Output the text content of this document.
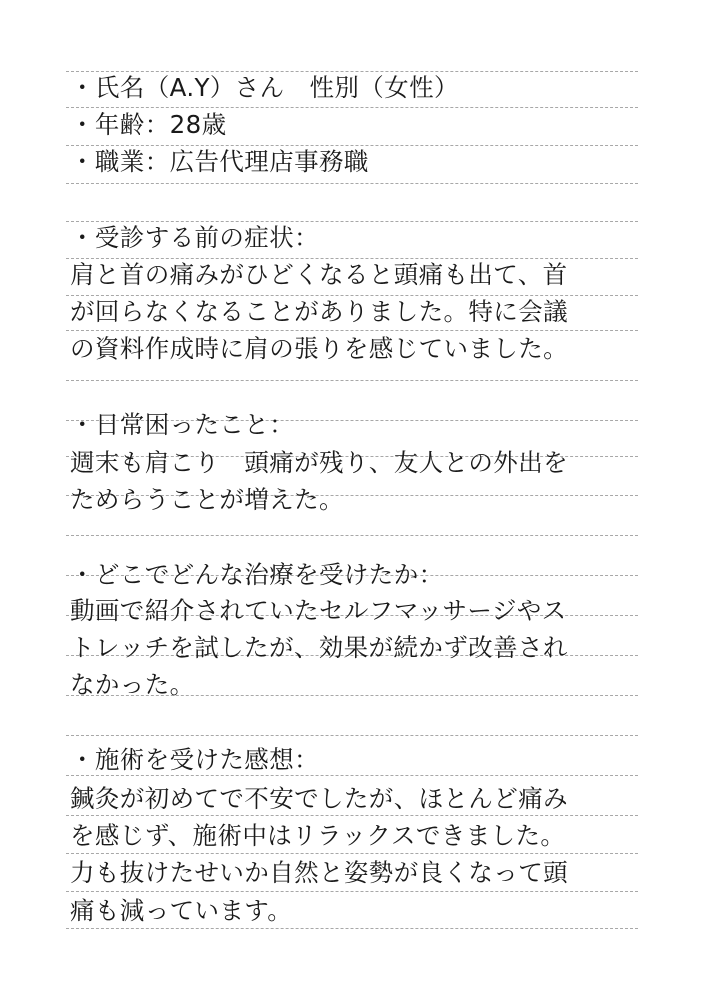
・氏名（A.Y）さん　性別（女性）
・年齢：28歳
・職業：広告代理店事務職
・受診する前の症状：
肩と首の痛みがひどくなると頭痛も出て、首
が回らなくなることがありました。特に会議
の資料作成時に肩の張りを感じていました。
・日常困ったこと：
週末も肩こり　頭痛が残り、友人との外出を
ためらうことが増えた。
・どこでどんな治療を受けたか：
動画で紹介されていたセルフマッサージやス
トレッチを試したが、効果が続かず改善され
なかった。
・施術を受けた感想：
鍼灸が初めてで不安でしたが、ほとんど痛み
を感じず、施術中はリラックスできました。
力も抜けたせいか自然と姿勢が良くなって頭
痛も減っています。
